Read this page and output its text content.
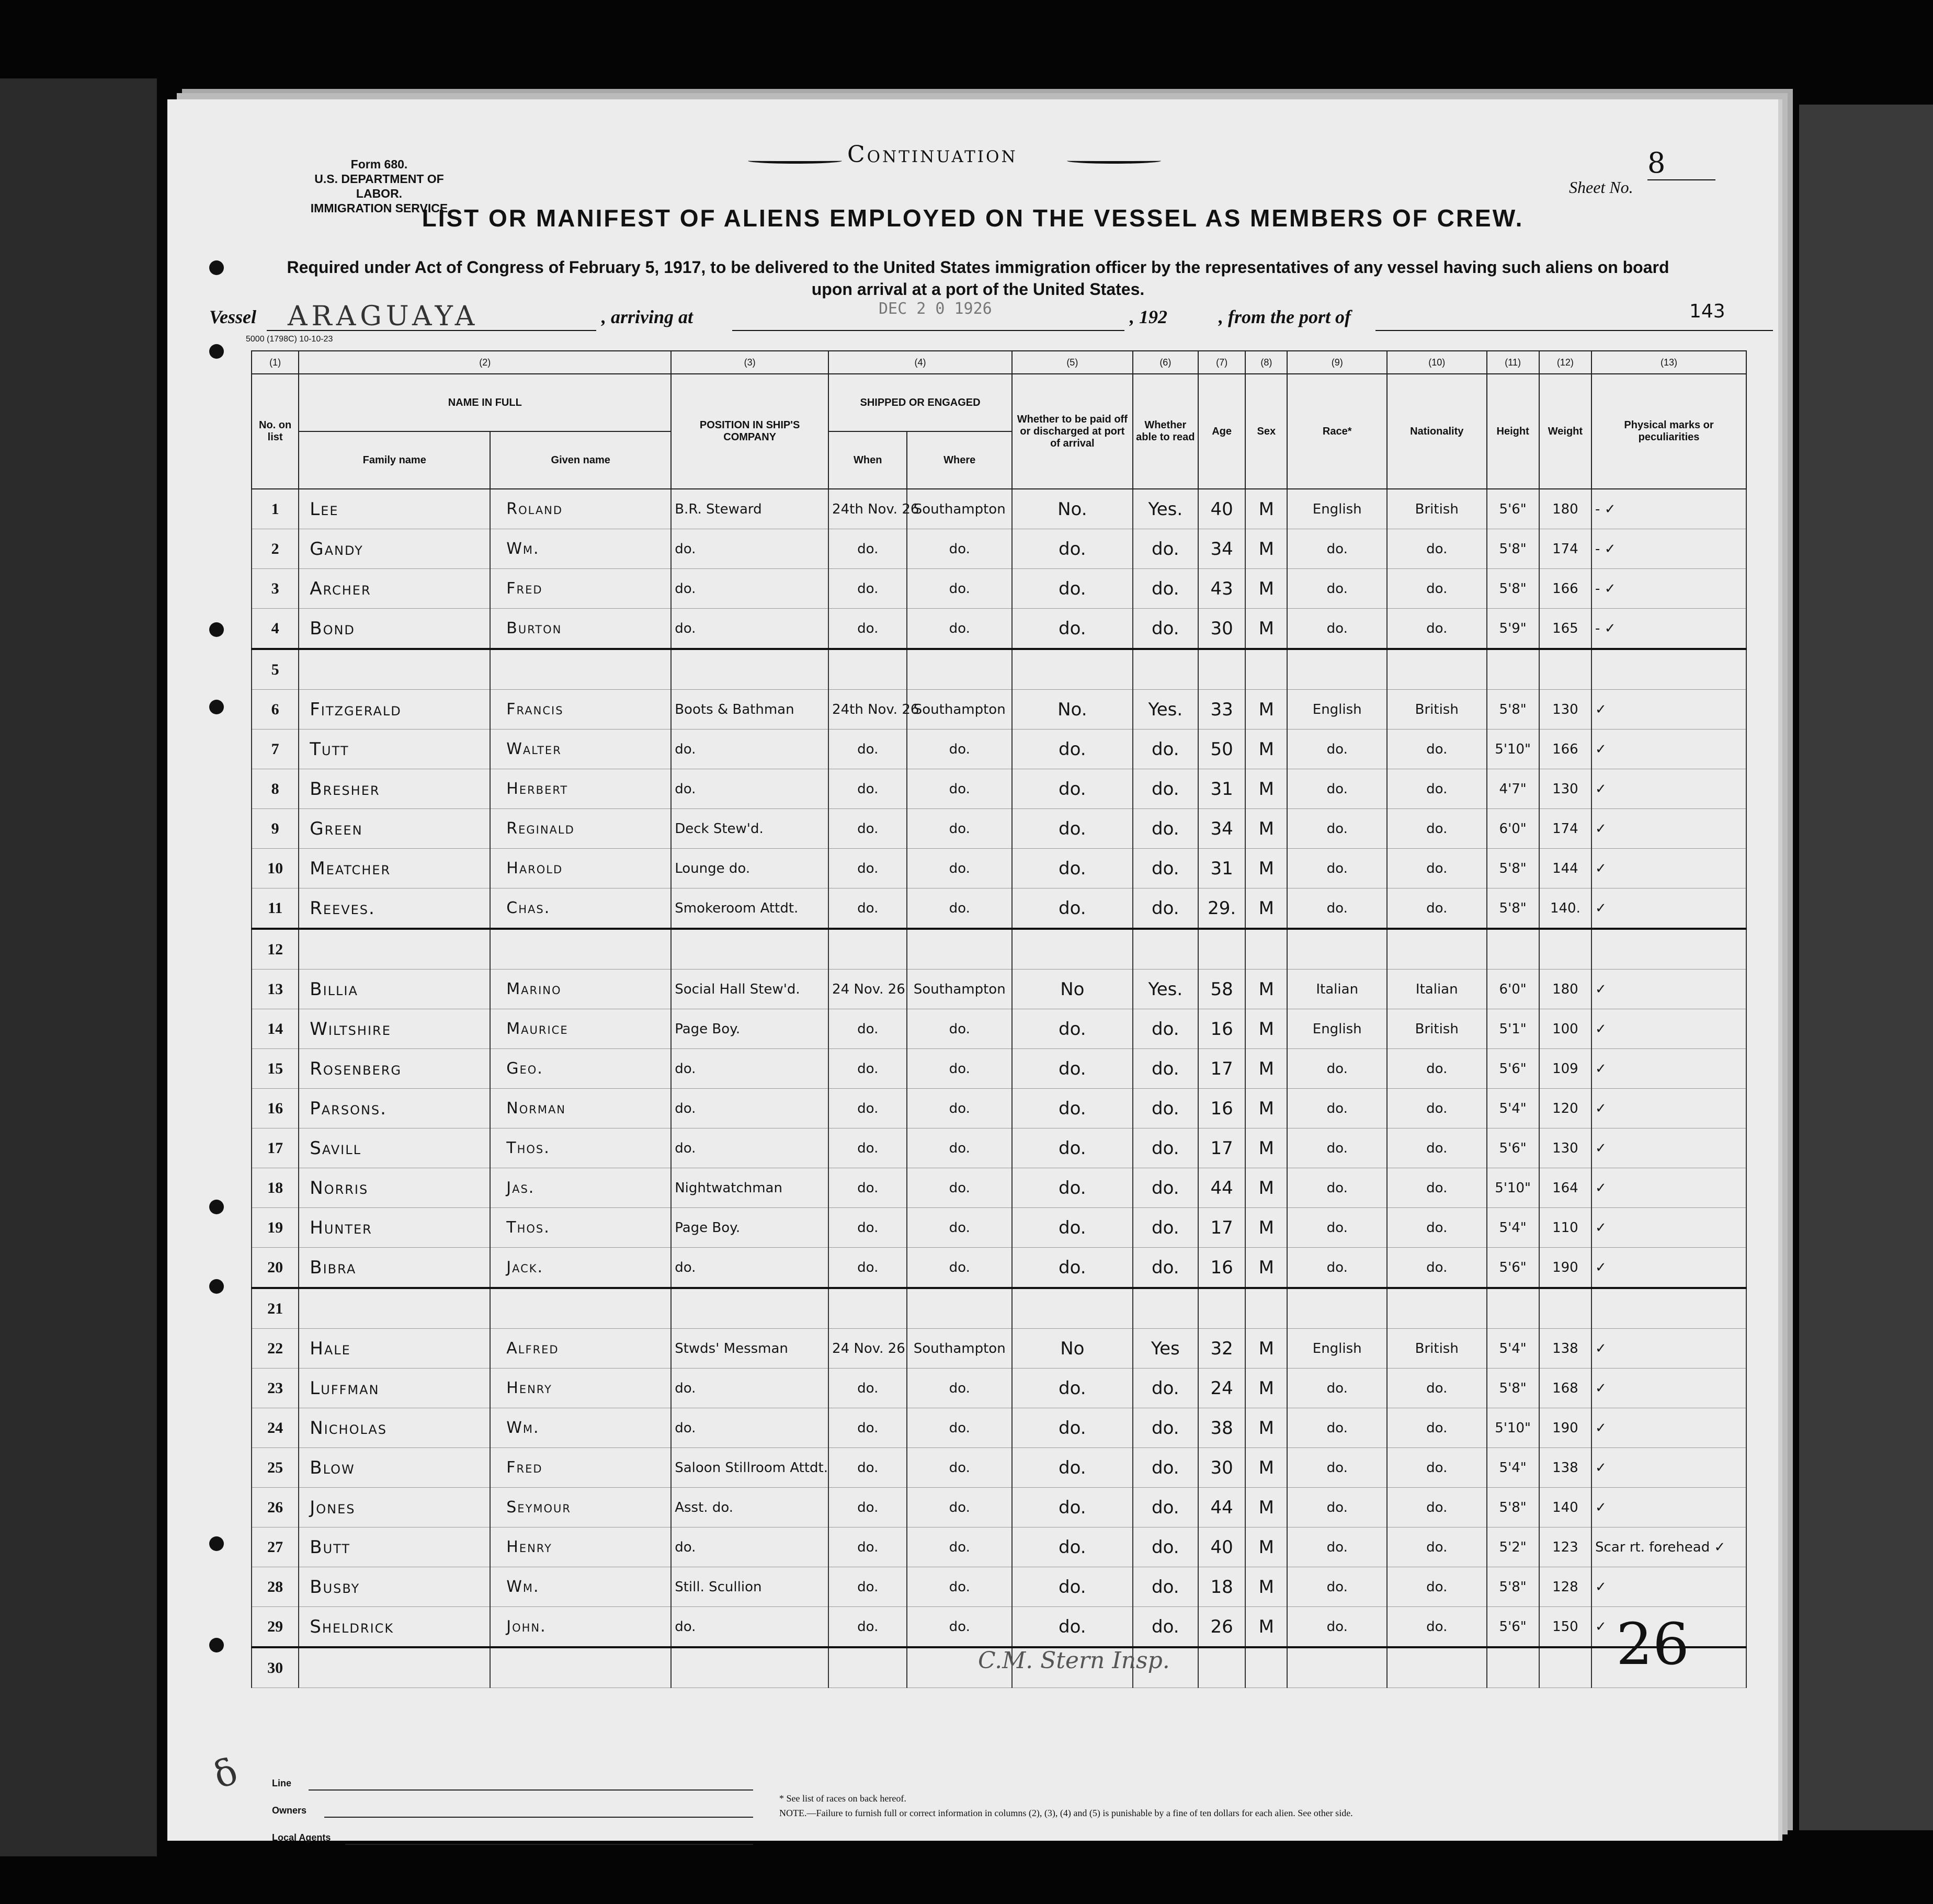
Form 680.
U.S. DEPARTMENT OF LABOR.
IMMIGRATION SERVICE
Continuation
Sheet No.
8
LIST OR MANIFEST OF ALIENS EMPLOYED ON THE VESSEL AS MEMBERS OF CREW.
Required under Act of Congress of February 5, 1917, to be delivered to the United States immigration officer by the representatives of any vessel having such aliens on board upon arrival at a port of the United States.
Vessel ARAGUAYA	, arriving at	DEC 2 0 1926	, 192	, from the port of	143
5000 (1798C) 10-10-23
(1)	(2)		(3)	(4)		(5)	(6)	(7)	(8)	(9)	(10)	(11)	(12)	(13)
No. on list	NAME IN FULL		POSITION IN SHIP'S COMPANY	SHIPPED OR ENGAGED		Whether to be paid off or discharged at port of arrival	Whether able to read	Age	Sex	Race*	Nationality	Height	Weight	Physical marks or peculiarities
	Family name	Given name		When	Where									
1	Lee	Roland	B.R. Steward	24th Nov. 26	Southampton	No.	Yes.	40	M	English	British	5'6"	180	- ✓
2	Gandy	Wm.	do.	do.	do.	do.	do.	34	M	do.	do.	5'8"	174	- ✓
3	Archer	Fred	do.	do.	do.	do.	do.	43	M	do.	do.	5'8"	166	- ✓
4	Bond	Burton	do.	do.	do.	do.	do.	30	M	do.	do.	5'9"	165	- ✓
5														
6	Fitzgerald	Francis	Boots & Bathman	24th Nov. 26	Southampton	No.	Yes.	33	M	English	British	5'8"	130	✓
7	Tutt	Walter	do.	do.	do.	do.	do.	50	M	do.	do.	5'10"	166	✓
8	Bresher	Herbert	do.	do.	do.	do.	do.	31	M	do.	do.	4'7"	130	✓
9	Green	Reginald	Deck Stew'd.	do.	do.	do.	do.	34	M	do.	do.	6'0"	174	✓
10	Meatcher	Harold	Lounge do.	do.	do.	do.	do.	31	M	do.	do.	5'8"	144	✓
11	Reeves.	Chas.	Smokeroom Attdt.	do.	do.	do.	do.	29.	M	do.	do.	5'8"	140.	✓
12														
13	Billia	Marino	Social Hall Stew'd.	24 Nov. 26	Southampton	No	Yes.	58	M	Italian	Italian	6'0"	180	✓
14	Wiltshire	Maurice	Page Boy.	do.	do.	do.	do.	16	M	English	British	5'1"	100	✓
15	Rosenberg	Geo.	do.	do.	do.	do.	do.	17	M	do.	do.	5'6"	109	✓
16	Parsons.	Norman	do.	do.	do.	do.	do.	16	M	do.	do.	5'4"	120	✓
17	Savill	Thos.	do.	do.	do.	do.	do.	17	M	do.	do.	5'6"	130	✓
18	Norris	Jas.	Nightwatchman	do.	do.	do.	do.	44	M	do.	do.	5'10"	164	✓
19	Hunter	Thos.	Page Boy.	do.	do.	do.	do.	17	M	do.	do.	5'4"	110	✓
20	Bibra	Jack.	do.	do.	do.	do.	do.	16	M	do.	do.	5'6"	190	✓
21														
22	Hale	Alfred	Stwds' Messman	24 Nov. 26	Southampton	No	Yes	32	M	English	British	5'4"	138	✓
23	Luffman	Henry	do.	do.	do.	do.	do.	24	M	do.	do.	5'8"	168	✓
24	Nicholas	Wm.	do.	do.	do.	do.	do.	38	M	do.	do.	5'10"	190	✓
25	Blow	Fred	Saloon Stillroom Attdt.	do.	do.	do.	do.	30	M	do.	do.	5'4"	138	✓
26	Jones	Seymour	Asst. do.	do.	do.	do.	do.	44	M	do.	do.	5'8"	140	✓
27	Butt	Henry	do.	do.	do.	do.	do.	40	M	do.	do.	5'2"	123	Scar rt. forehead ✓
28	Busby	Wm.	Still. Scullion	do.	do.	do.	do.	18	M	do.	do.	5'8"	128	✓
29	Sheldrick	John.	do.	do.	do.	do.	do.	26	M	do.	do.	5'6"	150	✓
30															26
C.M. Stern Insp.
δ	Line
Owners
Local Agents
* See list of races on back hereof.
NOTE.—Failure to furnish full or correct information in columns (2), (3), (4) and (5) is punishable by a fine of ten dollars for each alien. See other side.
